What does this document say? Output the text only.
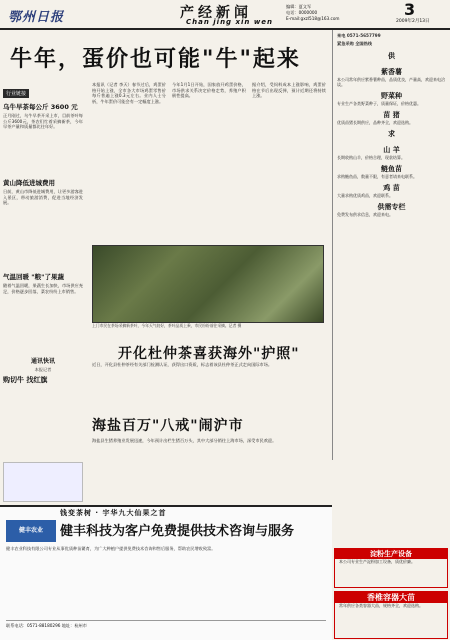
鄂州日报	产经新闻
Chan jing xin wen
编辑：夏文军
电话：0000000
E-mail:gxzl518@163.com	3
2009年2月13日
牛年，蛋价也可能"牛"起来
行业链接
乌牛早茶每公斤 3600 元
正月刚过，乌牛早茶开采上市，目前茶叶每公斤3600元，茶农们忙着采摘新茶，今年早茶产量和质量都比往年好。
黄山降低进城费用
日前，黄山市降低进城费用，让更多游客进入景区，带动旅游消费，促进当地经济发展。
气温回暖 "粮"了果蔬
随着气温回暖，果蔬生长加快，市场供应充足，价格逐步回落，菜农纷纷上市销售。
通讯快讯
本报记者
购切牛 找红旗
本报讯（记者 李天）春节过后，鸡蛋价格开始上涨，全市各大市场鸡蛋零售价每斤普遍上涨0.3元左右。业内人士分析，牛年蛋价可能会有一定幅度上涨。
今年1月1日开始，国家放开鸡蛋价格，市场供求关系决定价格走势，养殖户积极性提高。
据介绍，受饲料成本上涨影响，鸡蛋价格在节后出现反弹，预计近期还将持续上涨。
上门市民在茶场采摘新茶叶，今年天气较好，茶叶品质上乘，市民纷纷前往采摘。记者 摄
开化杜仲茶喜获海外"护照"
近日，开化县杜仲茶经有关部门检测认证，获得出口资质，标志着该县杜仲茶正式走向国际市场。
海盐百万"八戒"闹沪市
海盐县生猪养殖业发展迅速，今年预计出栏生猪百万头，其中大部分销往上海市场，深受市民欢迎。
来电 0571-5657799
紧急采购 全国热线
供
紫香薯
本公司常年供应紫香薯种苗，品质优良，产量高，欢迎来电洽谈。
野菜种
专业生产各类野菜种子，质量保证，价格优惠。
苗 猪
优质苗猪长期供应，品种齐全，欢迎选购。
求
山 羊
长期收购山羊，价格合理，现款结算。
鲢鱼苗
求购鲢鱼苗，数量不限，有意者请来电联系。
鸡 苗
大量求购优质鸡苗，欢迎联系。
供需专栏
免费发布供求信息，欢迎来电。
钱变茶树 · 宇华九大仙果之首
健丰农业	健丰科技为客户免费提供技术咨询与服务
健丰农业科技有限公司专业从事优质种苗繁育，为广大种植户提供免费技术咨询和售后服务，帮助农民增收致富。
联系电话：0571-88180296 地址：杭州市
淀粉生产设备
本公司专业生产淀粉加工设备，质优价廉。
香椎容器大苗
常年供应各类容器大苗，规格齐全，欢迎选购。
